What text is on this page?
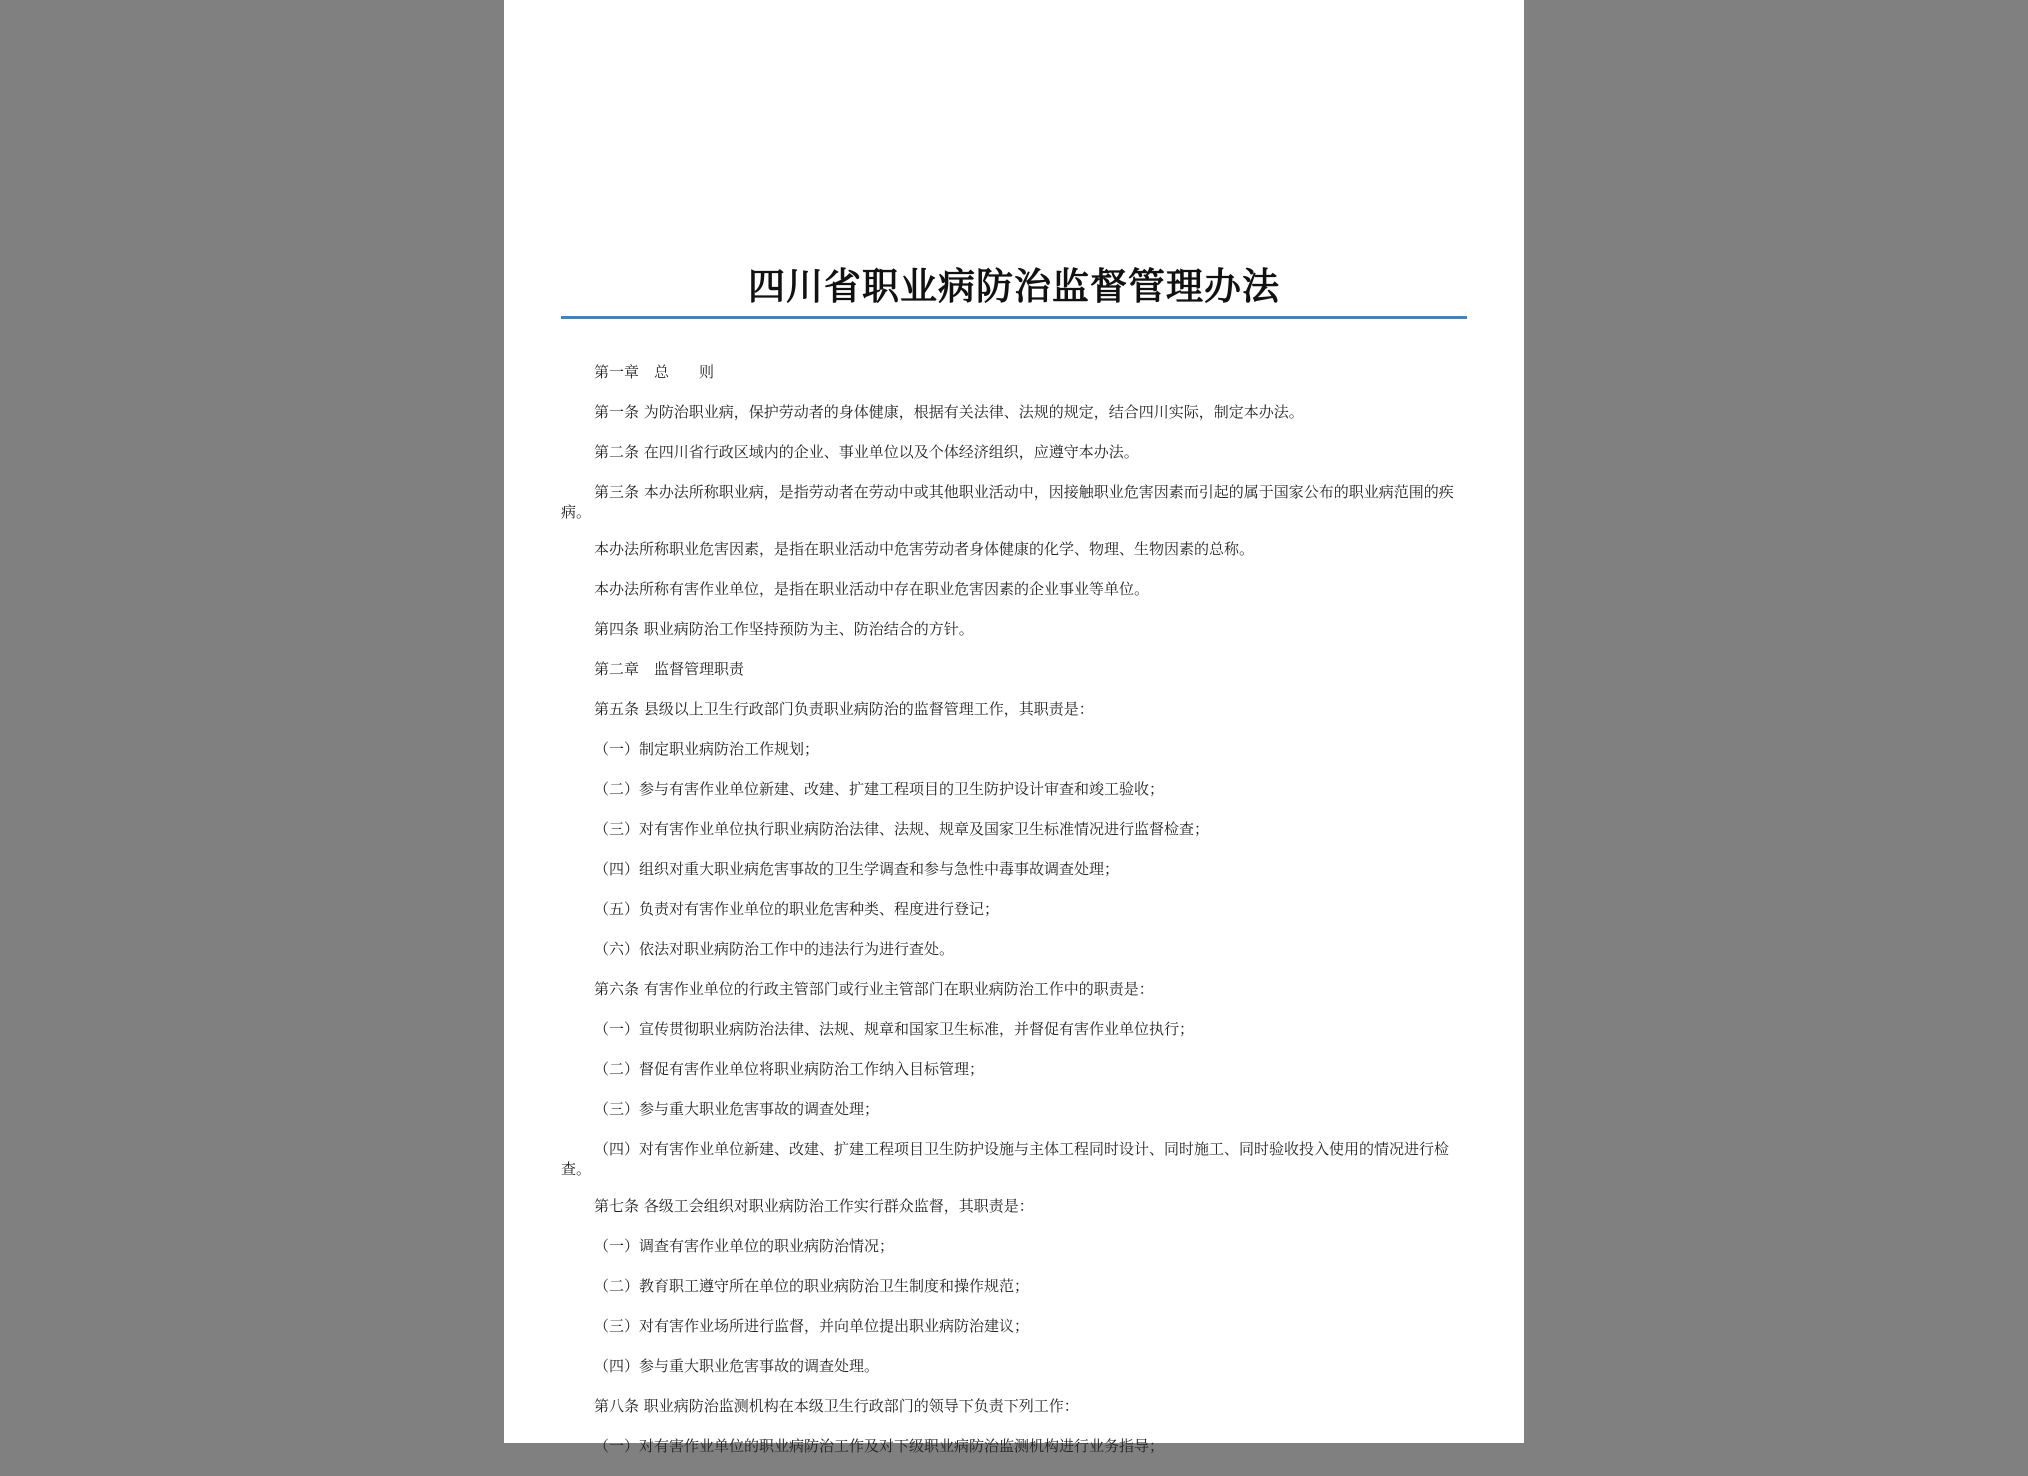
四川省职业病防治监督管理办法

第一章　总　　则

第一条 为防治职业病，保护劳动者的身体健康，根据有关法律、法规的规定，结合四川实际，制定本办法。

第二条 在四川省行政区域内的企业、事业单位以及个体经济组织，应遵守本办法。

第三条 本办法所称职业病，是指劳动者在劳动中或其他职业活动中，因接触职业危害因素而引起的属于国家公布的职业病范围的疾病。

本办法所称职业危害因素，是指在职业活动中危害劳动者身体健康的化学、物理、生物因素的总称。

本办法所称有害作业单位，是指在职业活动中存在职业危害因素的企业事业等单位。

第四条 职业病防治工作坚持预防为主、防治结合的方针。

第二章　监督管理职责

第五条 县级以上卫生行政部门负责职业病防治的监督管理工作，其职责是：

（一）制定职业病防治工作规划；

（二）参与有害作业单位新建、改建、扩建工程项目的卫生防护设计审查和竣工验收；

（三）对有害作业单位执行职业病防治法律、法规、规章及国家卫生标准情况进行监督检查；

（四）组织对重大职业病危害事故的卫生学调查和参与急性中毒事故调查处理；

（五）负责对有害作业单位的职业危害种类、程度进行登记；

（六）依法对职业病防治工作中的违法行为进行查处。

第六条 有害作业单位的行政主管部门或行业主管部门在职业病防治工作中的职责是：

（一）宣传贯彻职业病防治法律、法规、规章和国家卫生标准，并督促有害作业单位执行；

（二）督促有害作业单位将职业病防治工作纳入目标管理；

（三）参与重大职业危害事故的调查处理；

（四）对有害作业单位新建、改建、扩建工程项目卫生防护设施与主体工程同时设计、同时施工、同时验收投入使用的情况进行检查。

第七条 各级工会组织对职业病防治工作实行群众监督，其职责是：

（一）调查有害作业单位的职业病防治情况；

（二）教育职工遵守所在单位的职业病防治卫生制度和操作规范；

（三）对有害作业场所进行监督，并向单位提出职业病防治建议；

（四）参与重大职业危害事故的调查处理。

第八条 职业病防治监测机构在本级卫生行政部门的领导下负责下列工作：

（一）对有害作业单位的职业病防治工作及对下级职业病防治监测机构进行业务指导；
